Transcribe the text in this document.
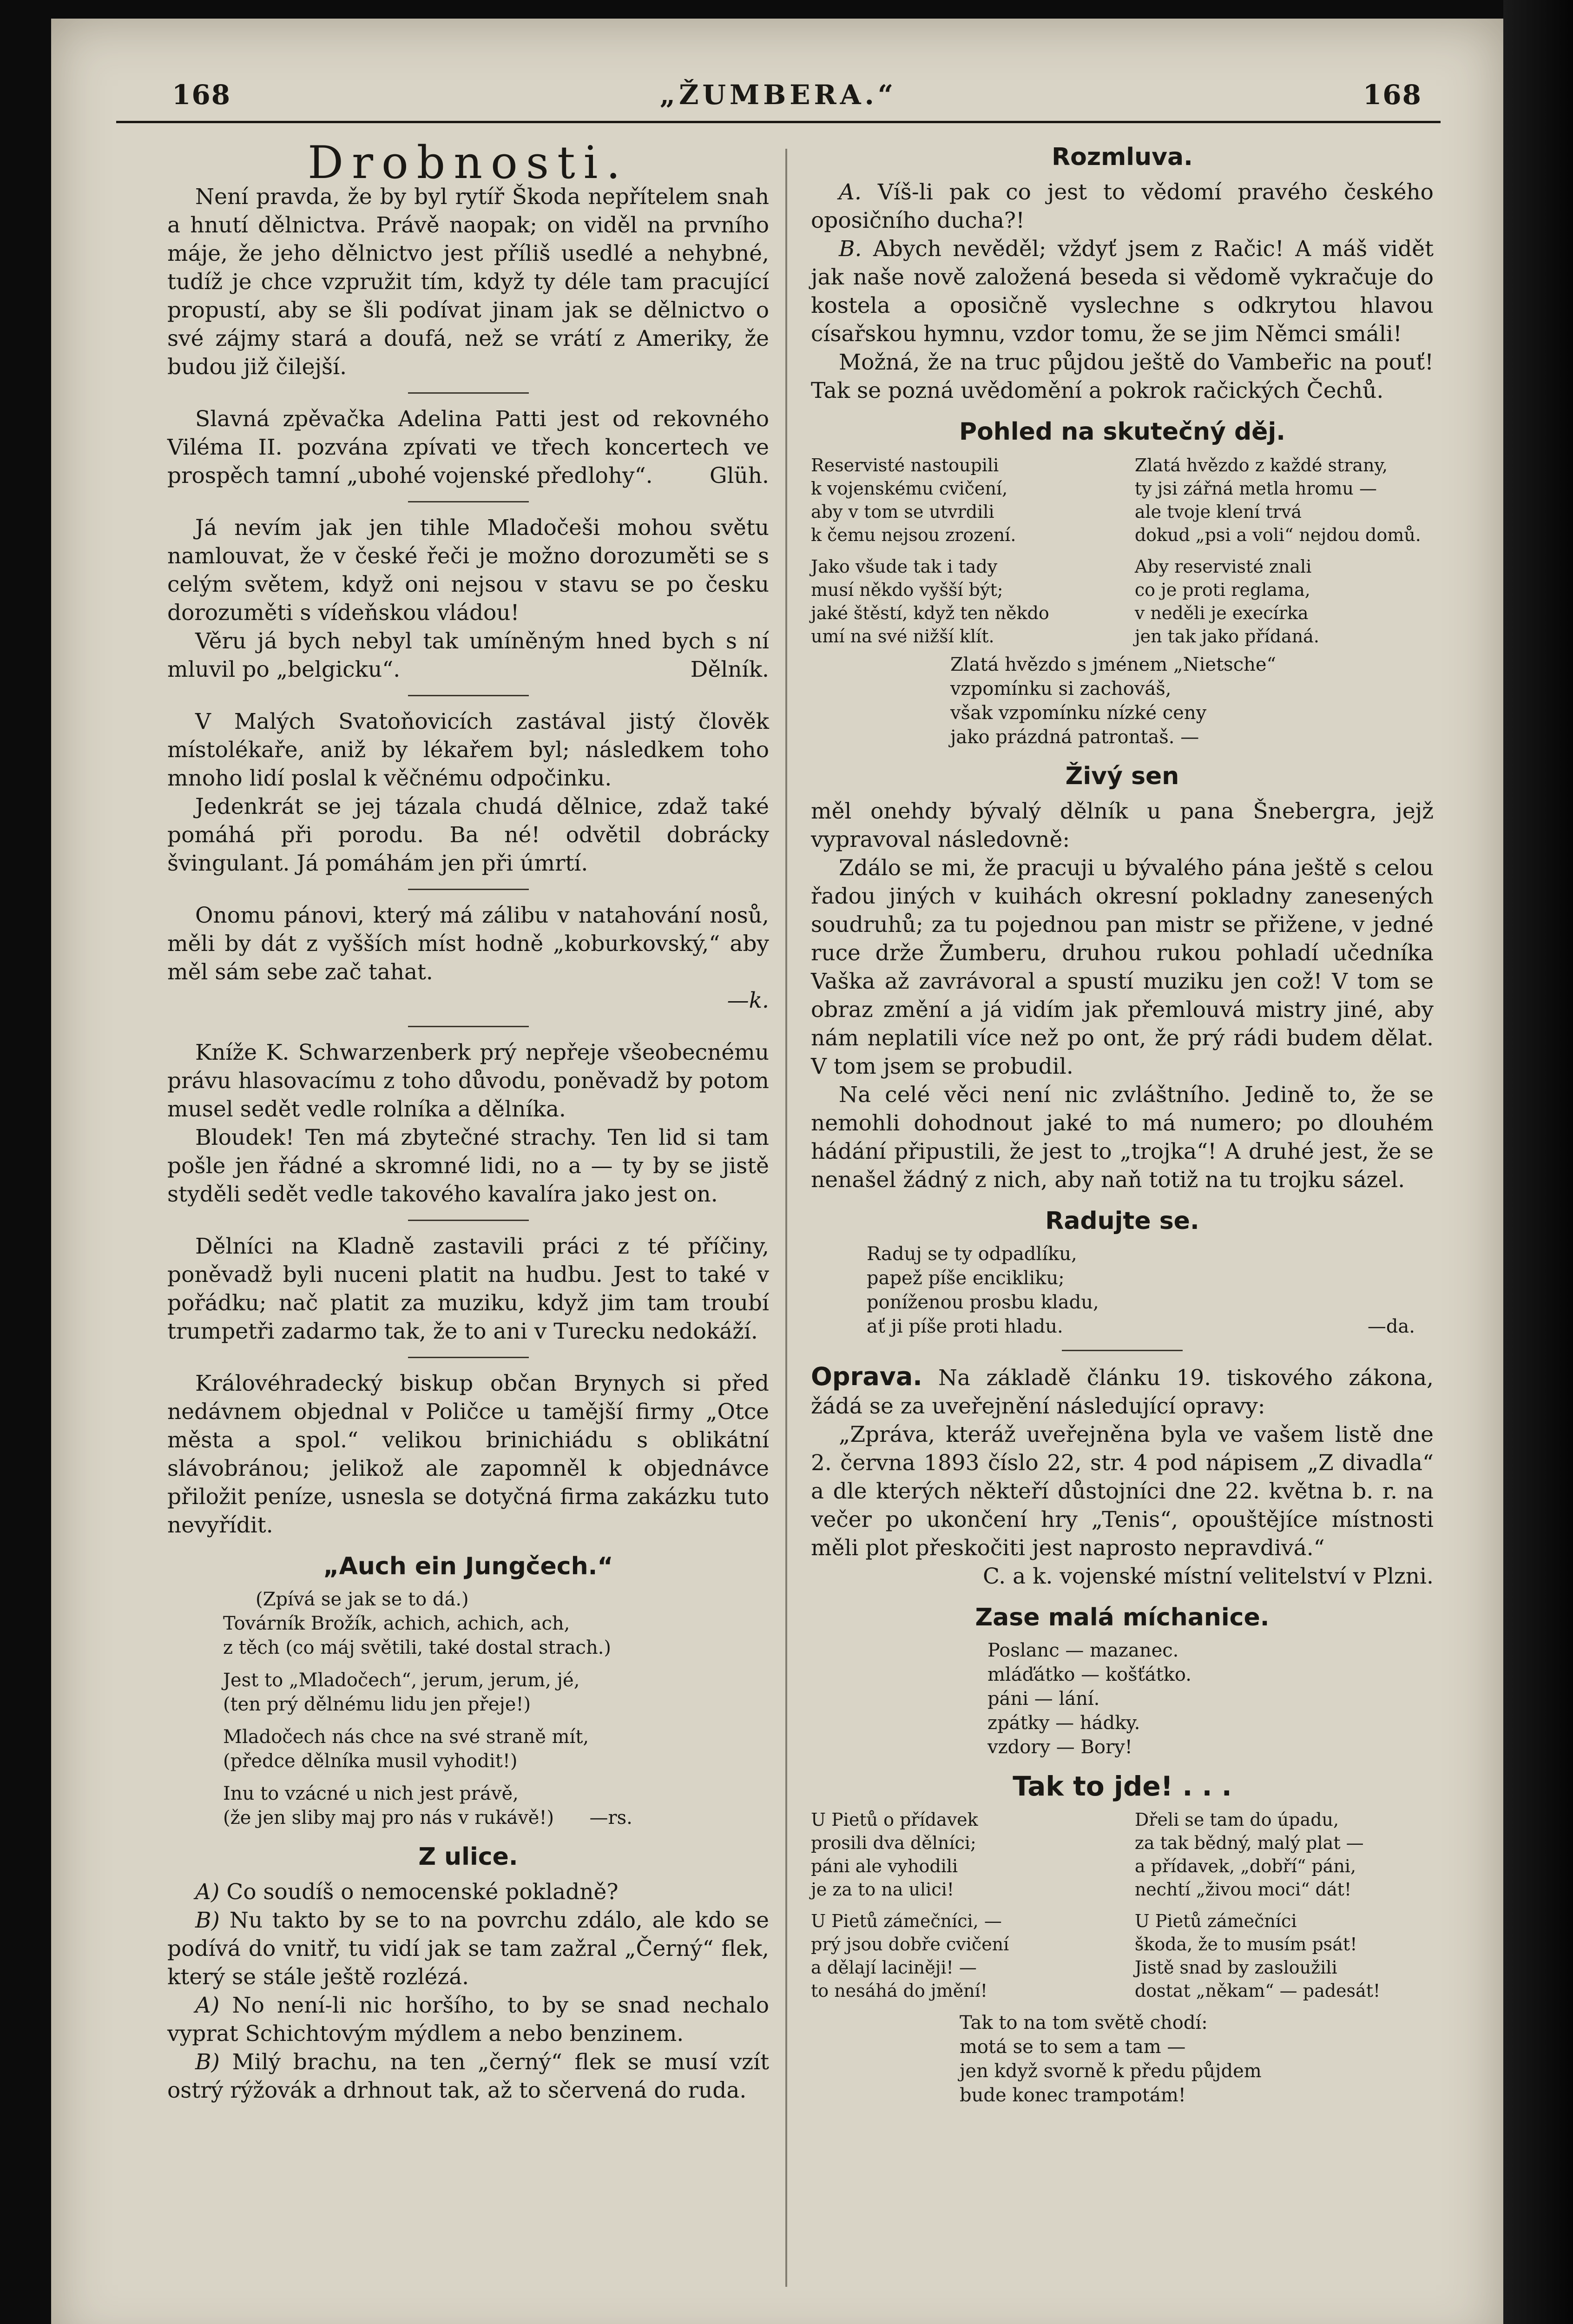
168	„ŽUMBERA.“	168
Drobnosti.

Není pravda, že by byl rytíř Škoda nepřítelem snah a hnutí dělnictva. Právě naopak; on viděl na prvního máje, že jeho dělnictvo jest příliš usedlé a nehybné, tudíž je chce vzpružit tím, když ty déle tam pracující propustí, aby se šli podívat jinam jak se dělnictvo o své zájmy stará a doufá, než se vrátí z Ameriky, že budou již čilejší.

Slavná zpěvačka Adelina Patti jest od rekovného Viléma II. pozvána zpívati ve třech koncertech ve prospěch tamní „ubohé vojenské předlohy“.	Glüh.

Já nevím jak jen tihle Mladočeši mohou světu namlouvat, že v české řeči je možno dorozuměti se s celým světem, když oni nejsou v stavu se po česku dorozuměti s vídeňskou vládou!

Věru já bych nebyl tak umíněným hned bych s ní mluvil po „belgicku“.	Dělník.

V Malých Svatoňovicích zastával jistý člověk místolékaře, aniž by lékařem byl; následkem toho mnoho lidí poslal k věčnému odpočinku.

Jedenkrát se jej tázala chudá dělnice, zdaž také pomáhá při porodu. Ba né! odvětil dobrácky švingulant. Já pomáhám jen při úmrtí.

Onomu pánovi, který má zálibu v natahování nosů, měli by dát z vyšších míst hodně „koburkovský,“ aby měl sám sebe zač tahat.

—k.

Kníže K. Schwarzenberk prý nepřeje všeobecnému právu hlasovacímu z toho důvodu, poněvadž by potom musel sedět vedle rolníka a dělníka.

Bloudek! Ten má zbytečné strachy. Ten lid si tam pošle jen řádné a skromné lidi, no a — ty by se jistě styděli sedět vedle takového kavalíra jako jest on.

Dělníci na Kladně zastavili práci z té příčiny, poněvadž byli nuceni platit na hudbu. Jest to také v pořádku; nač platit za muziku, když jim tam troubí trumpetři zadarmo tak, že to ani v Turecku nedokáží.

Královéhradecký biskup občan Brynych si před nedávnem objednal v Poličce u tamější firmy „Otce města a spol.“ velikou brinichiádu s oblikátní slávobránou; jelikož ale zapomněl k objednávce přiložit peníze, usnesla se dotyčná firma zakázku tuto nevyřídit.

„Auch ein Jungčech.“
(Zpívá se jak se to dá.)
Továrník Brožík, achich, achich, ach,
z těch (co máj světili, také dostal strach.)
Jest to „Mladočech“, jerum, jerum, jé,
(ten prý dělnému lidu jen přeje!)
Mladočech nás chce na své straně mít,
(předce dělníka musil vyhodit!)
Inu to vzácné u nich jest právě,
(že jen sliby maj pro nás v rukávě!) —rs.
Z ulice.

A) Co soudíš o nemocenské pokladně?

B) Nu takto by se to na povrchu zdálo, ale kdo se podívá do vnitř, tu vidí jak se tam zažral „Černý“ flek, který se stále ještě rozlézá.

A) No není-li nic horšího, to by se snad nechalo vyprat Schichtovým mýdlem a nebo benzinem.

B) Milý brachu, na ten „černý“ flek se musí vzít ostrý rýžovák a drhnout tak, až to sčervená do ruda.

Rozmluva.

A. Víš-li pak co jest to vědomí pravého českého oposičního ducha?!

B. Abych nevěděl; vždyť jsem z Račic! A máš vidět jak naše nově založená beseda si vědomě vykračuje do kostela a oposičně vyslechne s odkrytou hlavou císařskou hymnu, vzdor tomu, že se jim Němci smáli!

Možná, že na truc půjdou ještě do Vambeřic na pouť! Tak se pozná uvědomění a pokrok račických Čechů.

Pohled na skutečný děj.
Reservisté nastoupili
k vojenskému cvičení,
aby v tom se utvrdili
k čemu nejsou zrození.
Jako všude tak i tady
musí někdo vyšší být;
jaké štěstí, když ten někdo
umí na své nižší klít.
Zlatá hvězdo z každé strany,
ty jsi zářná metla hromu —
ale tvoje klení trvá
dokud „psi a voli“ nejdou domů.
Aby reservisté znali
co je proti reglama,
v neděli je execírka
jen tak jako přídaná.
Zlatá hvězdo s jménem „Nietsche“
vzpomínku si zachováš,
však vzpomínku nízké ceny
jako prázdná patrontaš. —
Živý sen

měl onehdy bývalý dělník u pana Šnebergra, jejž vypravoval následovně:

Zdálo se mi, že pracuji u bývalého pána ještě s celou řadou jiných v kuihách okresní pokladny zanesených soudruhů; za tu pojednou pan mistr se přižene, v jedné ruce drže Žumberu, druhou rukou pohladí učedníka Vaška až zavrávoral a spustí muziku jen což! V tom se obraz změní a já vidím jak přemlouvá mistry jiné, aby nám neplatili více než po ont, že prý rádi budem dělat. V tom jsem se probudil.

Na celé věci není nic zvláštního. Jedině to, že se nemohli dohodnout jaké to má numero; po dlouhém hádání připustili, že jest to „trojka“! A druhé jest, že se nenašel žádný z nich, aby naň totiž na tu trojku sázel.

Radujte se.
Raduj se ty odpadlíku,
papež píše encikliku;
poníženou prosbu kladu,
ať ji píše proti hladu.	—da.

Oprava. Na základě článku 19. tiskového zákona, žádá se za uveřejnění následující opravy:

„Zpráva, kteráž uveřejněna byla ve vašem listě dne 2. června 1893 číslo 22, str. 4 pod nápisem „Z divadla“ a dle kterých někteří důstojníci dne 22. května b. r. na večer po ukončení hry „Tenis“, opouštějíce místnosti měli plot přeskočiti jest naprosto nepravdivá.“

C. a k. vojenské místní velitelství v Plzni.
Zase malá míchanice.
Poslanc — mazanec.
mláďátko — košťátko.
páni — lání.
zpátky — hádky.
vzdory — Bory!
Tak to jde! . . .
U Pietů o přídavek
prosili dva dělníci;
páni ale vyhodili
je za to na ulici!
U Pietů zámečníci, —
prý jsou dobře cvičení
a dělají laciněji! —
to nesáhá do jmění!
Dřeli se tam do úpadu,
za tak bědný, malý plat —
a přídavek, „dobří“ páni,
nechtí „živou moci“ dát!
U Pietů zámečníci
škoda, že to musím psát!
Jistě snad by zasloužili
dostat „někam“ — padesát!
Tak to na tom světě chodí:
motá se to sem a tam —
jen když svorně k předu půjdem
bude konec trampotám!
